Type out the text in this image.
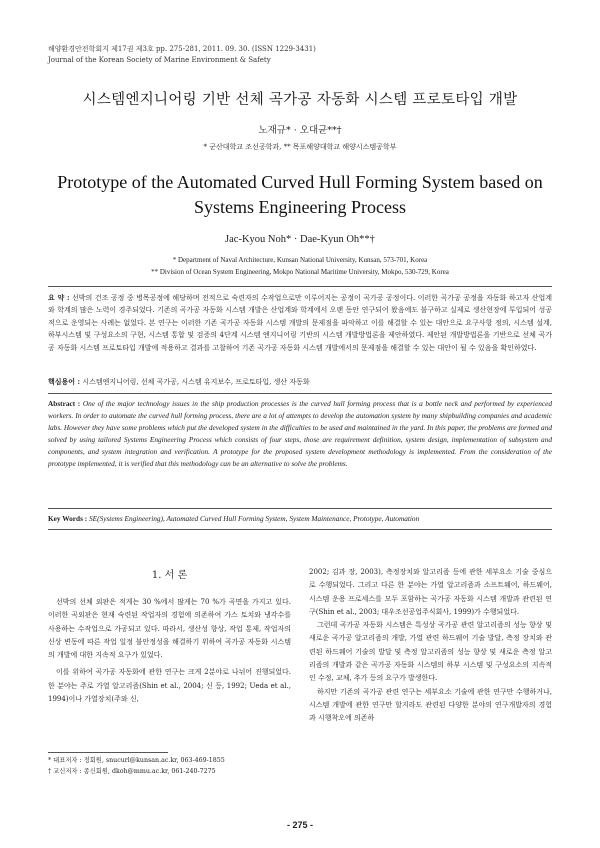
해양환경안전학회지 제17권 제3호 pp. 275-281, 2011. 09. 30. (ISSN 1229-3431)
Journal of the Korean Society of Marine Environment & Safety
시스템엔지니어링 기반 선체 곡가공 자동화 시스템 프로토타입 개발
노재규* · 오대균**†
* 군산대학교 조선공학과, ** 목포해양대학교 해양시스템공학부
Prototype of the Automated Curved Hull Forming System based on
Systems Engineering Process
Jac-Kyou Noh* · Dae-Kyun Oh**†
* Department of Naval Architecture, Kunsan National University, Kunsan, 573-701, Korea
** Division of Ocean System Engineering, Mokpo National Maritime University, Mokpo, 530-729, Korea
요 약 : 선박의 건조 공정 중 병목공정에 해당하며 전적으로 숙련자의 수작업으로만 이루어지는 공정이 곡가공 공정이다. 이러한 곡가공 공정을 자동화 하고자 산업계와 학계의 많은 노력이 경주되었다. 기존의 곡가공 자동화 시스템 개발은 산업계와 학계에서 오랜 동안 연구되어 왔음에도 불구하고 실제로 생산현장에 투입되어 성공적으로 운영되는 사례는 없었다. 본 연구는 이러한 기존 곡가공 자동화 시스템 개발의 문제점을 파악하고 이를 해결할 수 있는 대안으로 요구사항 정의, 시스템 설계, 하부시스템 및 구성요소의 구현, 시스템 통합 및 검증의 4단계 시스템 엔지니어링 기반의 시스템 개발방법론을 제안하였다. 제안된 개발방법론을 기반으로 선체 곡가공 자동화 시스템 프로토타입 개발에 적용하고 결과를 고찰하여 기존 곡가공 자동화 시스템 개발에서의 문제점을 해결할 수 있는 대안이 될 수 있음을 확인하였다.
핵심용어 : 시스템엔지니어링, 선체 곡가공, 시스템 유지보수, 프로토타입, 생산 자동화
Abstract : One of the major technology issues in the ship production processes is the curved hull forming process that is a bottle neck and performed by experienced workers. In order to automate the curved hull forming process, there are a lot of attempts to develop the automation system by many shipbuilding companies and academic labs. However they have some problems which put the developed system in the difficulties to be used and maintained in the yard. In this paper, the problems are formed and solved by using tailored Systems Engineering Process which consists of four steps, those are requirement definition, system design, implementation of subsystem and components, and system integration and verification. A prototype for the proposed system development methodology is implemented. From the consideration of the prototype implemented, it is verified that this methodology can be an alternative to solve the problems.
Key Words : SE(Systems Engineering), Automated Curved Hull Forming System, System Maintenance, Prototype, Automation
1. 서 론

선박의 선체 외판은 적게는 30 %에서 많게는 70 %가 곡면을 가지고 있다. 이러한 곡외판은 현재 숙련된 작업자의 경험에 의존하여 가스 토치와 냉각수를 사용하는 수작업으로 가공되고 있다. 따라서, 생산성 향상, 작업 통제, 작업자의 신상 변동에 따른 작업 일정 불안정성을 해결하기 위하여 곡가공 자동화 시스템의 개발에 대한 지속적 요구가 있었다.

이를 위하여 곡가공 자동화에 관한 연구는 크게 2분야로 나뉘어 진행되었다. 한 분야는 주로 가열 알고리즘(Shin et al., 2004; 신 등, 1992; Ueda et al., 1994)이나 가열장치(주와 신,

* 대표저자 : 정회원, snucurl@kunsan.ac.kr, 063-469-1855
† 교신저자 : 종신회원, dkoh@mmu.ac.kr, 061-240-7275

2002; 김과 장, 2003), 측정장치와 알고리즘 등에 관한 세부요소 기술 중심으로 수행되었다. 그리고 다른 한 분야는 가열 알고리즘과 소프트웨어, 하드웨어, 시스템 운용 프로세스를 모두 포함하는 곡가공 자동화 시스템 개발과 관련된 연구(Shin et al., 2003; 대우조선공업주식회사, 1999)가 수행되었다.

그런데 곡가공 자동화 시스템은 특성상 곡가공 관련 알고리즘의 성능 향상 및 새로운 곡가공 알고리즘의 개발, 가열 관련 하드웨어 기술 발달, 측정 장치와 관련된 하드웨어 기술의 발달 및 측정 알고리즘의 성능 향상 및 새로운 측정 알고리즘의 개발과 같은 곡가공 자동화 시스템의 하부 시스템 및 구성요소의 지속적인 수정, 교체, 추가 등의 요구가 발생한다.

하지만 기존의 곡가공 관련 연구는 세부요소 기술에 관한 연구만 수행하거나, 시스템 개발에 관한 연구만 할지라도 관련된 다양한 분야의 연구개발자의 경험과 시행착오에 의존하

- 275 -
